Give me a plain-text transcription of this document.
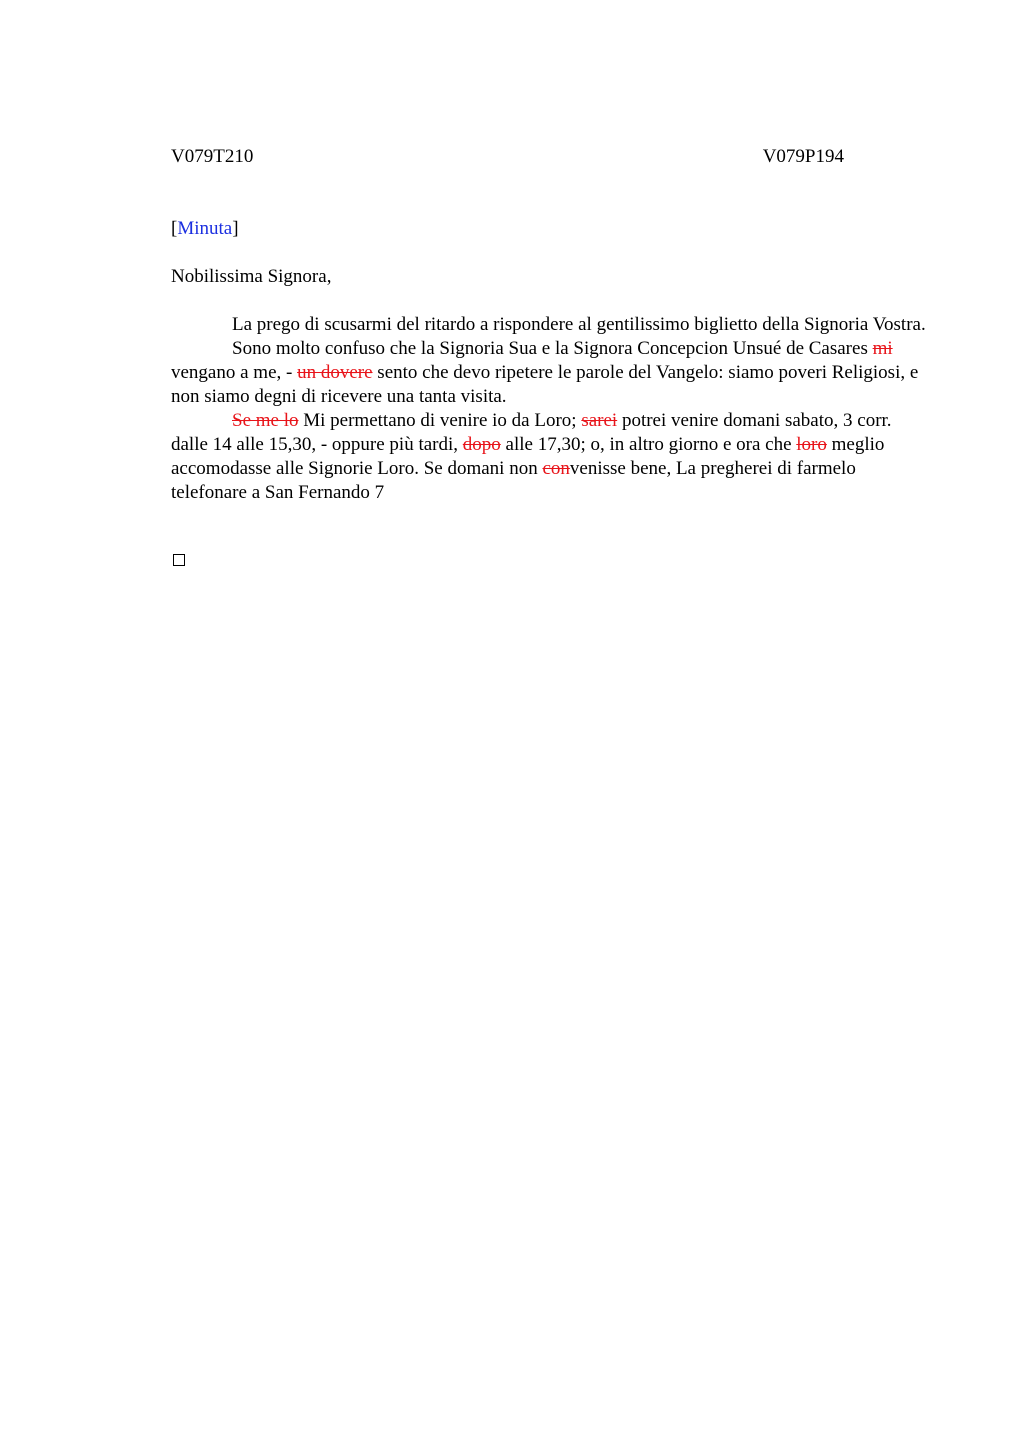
V079T210	V079P194
[Minuta]
Nobilissima Signora,

La prego di scusarmi del ritardo a rispondere al gentilissimo biglietto della Signoria Vostra.

Sono molto confuso che la Signoria Sua e la Signora Concepcion Unsué de Casares mi vengano a me, - un dovere sento che devo ripetere le parole del Vangelo: siamo poveri Religiosi, e non siamo degni di ricevere una tanta visita.

Se me lo Mi permettano di venire io da Loro; sarei potrei venire domani sabato, 3 corr. dalle 14 alle 15,30, - oppure più tardi, dopo alle 17,30; o, in altro giorno e ora che loro meglio accomodasse alle Signorie Loro. Se domani non convenisse bene, La pregherei di farmelo telefonare a San Fernando 7
